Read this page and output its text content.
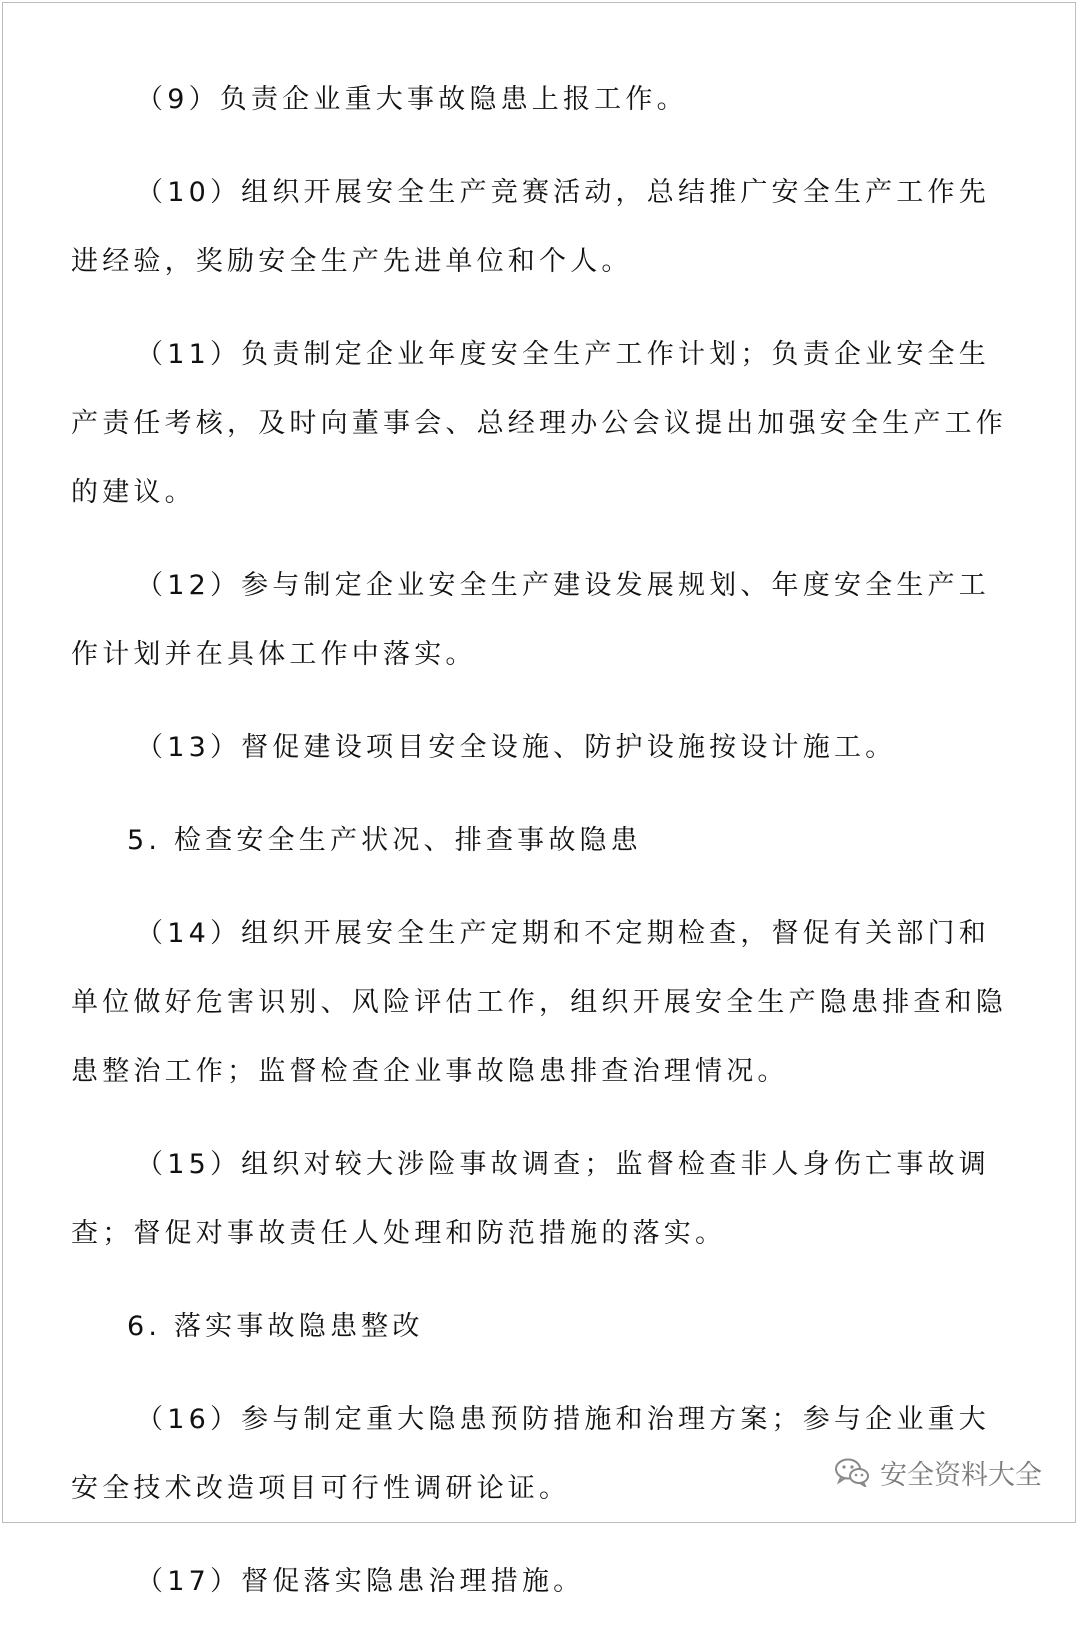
（9）负责企业重大事故隐患上报工作。

（10）组织开展安全生产竞赛活动，总结推广安全生产工作先进经验，奖励安全生产先进单位和个人。

（11）负责制定企业年度安全生产工作计划；负责企业安全生产责任考核，及时向董事会、总经理办公会议提出加强安全生产工作的建议。

（12）参与制定企业安全生产建设发展规划、年度安全生产工作计划并在具体工作中落实。

（13）督促建设项目安全设施、防护设施按设计施工。

5. 检查安全生产状况、排查事故隐患

（14）组织开展安全生产定期和不定期检查，督促有关部门和单位做好危害识别、风险评估工作，组织开展安全生产隐患排查和隐患整治工作；监督检查企业事故隐患排查治理情况。

（15）组织对较大涉险事故调查；监督检查非人身伤亡事故调查；督促对事故责任人处理和防范措施的落实。

6. 落实事故隐患整改

（16）参与制定重大隐患预防措施和治理方案；参与企业重大安全技术改造项目可行性调研论证。

（17）督促落实隐患治理措施。

安全资料大全
